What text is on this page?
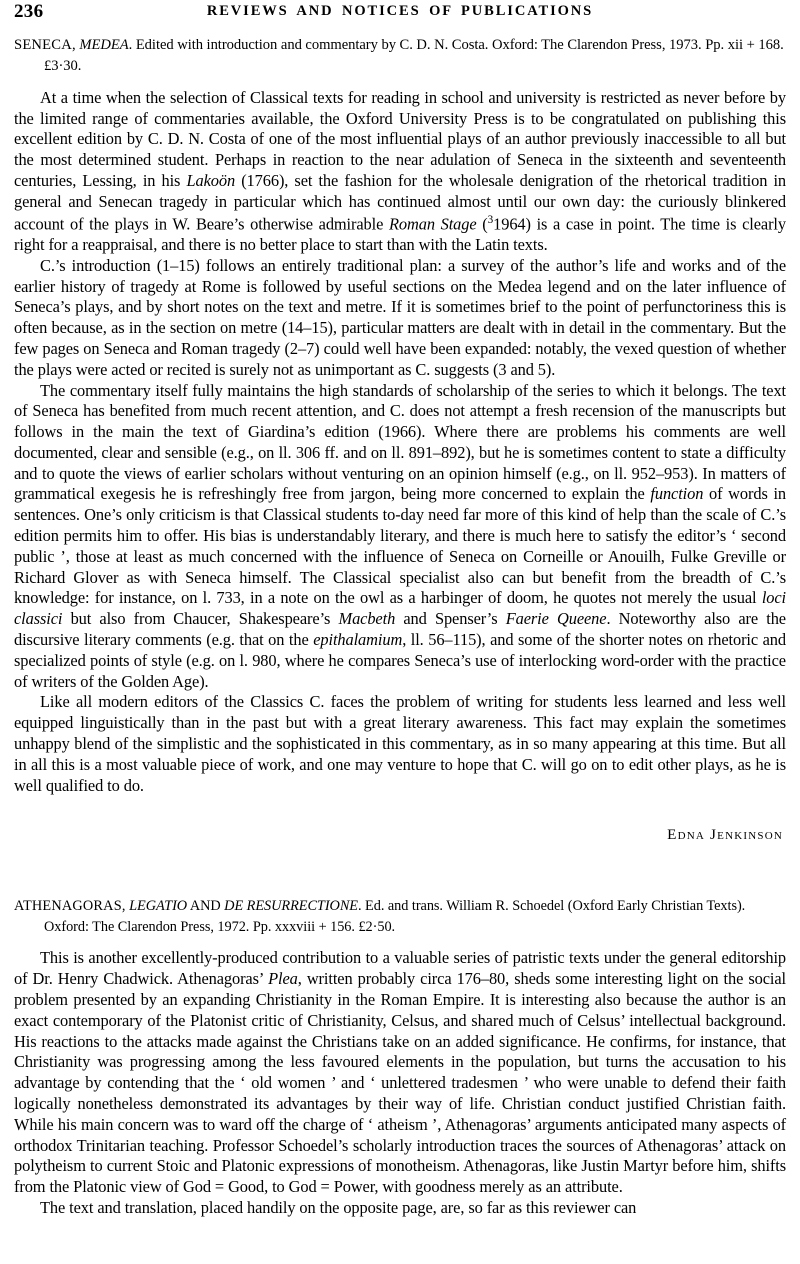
236	REVIEWS AND NOTICES OF PUBLICATIONS
SENECA, MEDEA. Edited with introduction and commentary by C. D. N. Costa. Oxford: The Clarendon Press, 1973. Pp. xii + 168. £3·30.

At a time when the selection of Classical texts for reading in school and university is restricted as never before by the limited range of commentaries available, the Oxford University Press is to be congratulated on publishing this excellent edition by C. D. N. Costa of one of the most influential plays of an author previously inaccessible to all but the most determined student. Perhaps in reaction to the near adulation of Seneca in the sixteenth and seventeenth centuries, Lessing, in his Lakoön (1766), set the fashion for the wholesale denigration of the rhetorical tradition in general and Senecan tragedy in particular which has continued almost until our own day: the curiously blinkered account of the plays in W. Beare’s otherwise admirable Roman Stage ($^3$1964) is a case in point. The time is clearly right for a reappraisal, and there is no better place to start than with the Latin texts.

C.’s introduction (1–15) follows an entirely traditional plan: a survey of the author’s life and works and of the earlier history of tragedy at Rome is followed by useful sections on the Medea legend and on the later influence of Seneca’s plays, and by short notes on the text and metre. If it is sometimes brief to the point of perfunctoriness this is often because, as in the section on metre (14–15), particular matters are dealt with in detail in the commentary. But the few pages on Seneca and Roman tragedy (2–7) could well have been expanded: notably, the vexed question of whether the plays were acted or recited is surely not as unimportant as C. suggests (3 and 5).

The commentary itself fully maintains the high standards of scholarship of the series to which it belongs. The text of Seneca has benefited from much recent attention, and C. does not attempt a fresh recension of the manuscripts but follows in the main the text of Giardina’s edition (1966). Where there are problems his comments are well documented, clear and sensible (e.g., on ll. 306 ff. and on ll. 891–892), but he is sometimes content to state a difficulty and to quote the views of earlier scholars without venturing on an opinion himself (e.g., on ll. 952–953). In matters of grammatical exegesis he is refreshingly free from jargon, being more concerned to explain the function of words in sentences. One’s only criticism is that Classical students to-day need far more of this kind of help than the scale of C.’s edition permits him to offer. His bias is understandably literary, and there is much here to satisfy the editor’s ‘ second public ’, those at least as much concerned with the influence of Seneca on Corneille or Anouilh, Fulke Greville or Richard Glover as with Seneca himself. The Classical specialist also can but benefit from the breadth of C.’s knowledge: for instance, on l. 733, in a note on the owl as a harbinger of doom, he quotes not merely the usual loci classici but also from Chaucer, Shakespeare’s Macbeth and Spenser’s Faerie Queene. Noteworthy also are the discursive literary comments (e.g. that on the epithalamium, ll. 56–115), and some of the shorter notes on rhetoric and specialized points of style (e.g. on l. 980, where he compares Seneca’s use of interlocking word-order with the practice of writers of the Golden Age).

Like all modern editors of the Classics C. faces the problem of writing for students less learned and less well equipped linguistically than in the past but with a great literary awareness. This fact may explain the sometimes unhappy blend of the simplistic and the sophisticated in this commentary, as in so many appearing at this time. But all in all this is a most valuable piece of work, and one may venture to hope that C. will go on to edit other plays, as he is well qualified to do.

Edna Jenkinson
ATHENAGORAS, LEGATIO AND DE RESURRECTIONE. Ed. and trans. William R. Schoedel (Oxford Early Christian Texts). Oxford: The Clarendon Press, 1972. Pp. xxxviii + 156. £2·50.

This is another excellently-produced contribution to a valuable series of patristic texts under the general editorship of Dr. Henry Chadwick. Athenagoras’ Plea, written probably circa 176–80, sheds some interesting light on the social problem presented by an expanding Christianity in the Roman Empire. It is interesting also because the author is an exact contemporary of the Platonist critic of Christianity, Celsus, and shared much of Celsus’ intellectual background. His reactions to the attacks made against the Christians take on an added significance. He confirms, for instance, that Christianity was progressing among the less favoured elements in the population, but turns the accusation to his advantage by contending that the ‘ old women ’ and ‘ unlettered tradesmen ’ who were unable to defend their faith logically nonetheless demonstrated its advantages by their way of life. Christian conduct justified Christian faith. While his main concern was to ward off the charge of ‘ atheism ’, Athenagoras’ arguments anticipated many aspects of orthodox Trinitarian teaching. Professor Schoedel’s scholarly introduction traces the sources of Athenagoras’ attack on polytheism to current Stoic and Platonic expressions of monotheism. Athenagoras, like Justin Martyr before him, shifts from the Platonic view of God = Good, to God = Power, with goodness merely as an attribute.

The text and translation, placed handily on the opposite page, are, so far as this reviewer can
